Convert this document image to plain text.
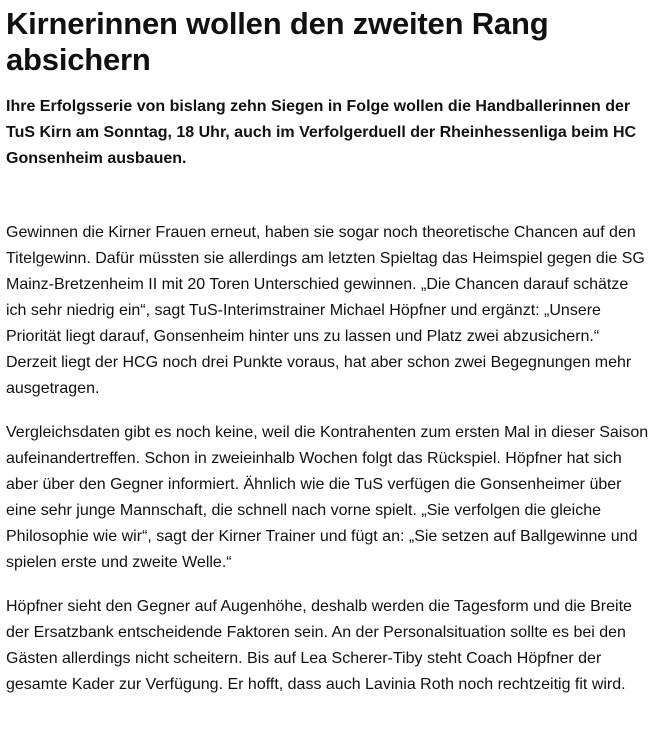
Kirnerinnen wollen den zweiten Rang absichern

Ihre Erfolgsserie von bislang zehn Siegen in Folge wollen die Handballerinnen der TuS Kirn am Sonntag, 18 Uhr, auch im Verfolgerduell der Rheinhessenliga beim HC Gonsenheim ausbauen.

Gewinnen die Kirner Frauen erneut, haben sie sogar noch theoretische Chancen auf den Titelgewinn. Dafür müssten sie allerdings am letzten Spieltag das Heimspiel gegen die SG Mainz-Bretzenheim II mit 20 Toren Unterschied gewinnen. „Die Chancen darauf schätze ich sehr niedrig ein“, sagt TuS-Interimstrainer Michael Höpfner und ergänzt: „Unsere Priorität liegt darauf, Gonsenheim hinter uns zu lassen und Platz zwei abzusichern.“ Derzeit liegt der HCG noch drei Punkte voraus, hat aber schon zwei Begegnungen mehr ausgetragen.

Vergleichsdaten gibt es noch keine, weil die Kontrahenten zum ersten Mal in dieser Saison aufeinandertreffen. Schon in zweieinhalb Wochen folgt das Rückspiel. Höpfner hat sich aber über den Gegner informiert. Ähnlich wie die TuS verfügen die Gonsenheimer über eine sehr junge Mannschaft, die schnell nach vorne spielt. „Sie verfolgen die gleiche Philosophie wie wir“, sagt der Kirner Trainer und fügt an: „Sie setzen auf Ballgewinne und spielen erste und zweite Welle.“

Höpfner sieht den Gegner auf Augenhöhe, deshalb werden die Tagesform und die Breite der Ersatzbank entscheidende Faktoren sein. An der Personalsituation sollte es bei den Gästen allerdings nicht scheitern. Bis auf Lea Scherer-Tiby steht Coach Höpfner der gesamte Kader zur Verfügung. Er hofft, dass auch Lavinia Roth noch rechtzeitig fit wird.
